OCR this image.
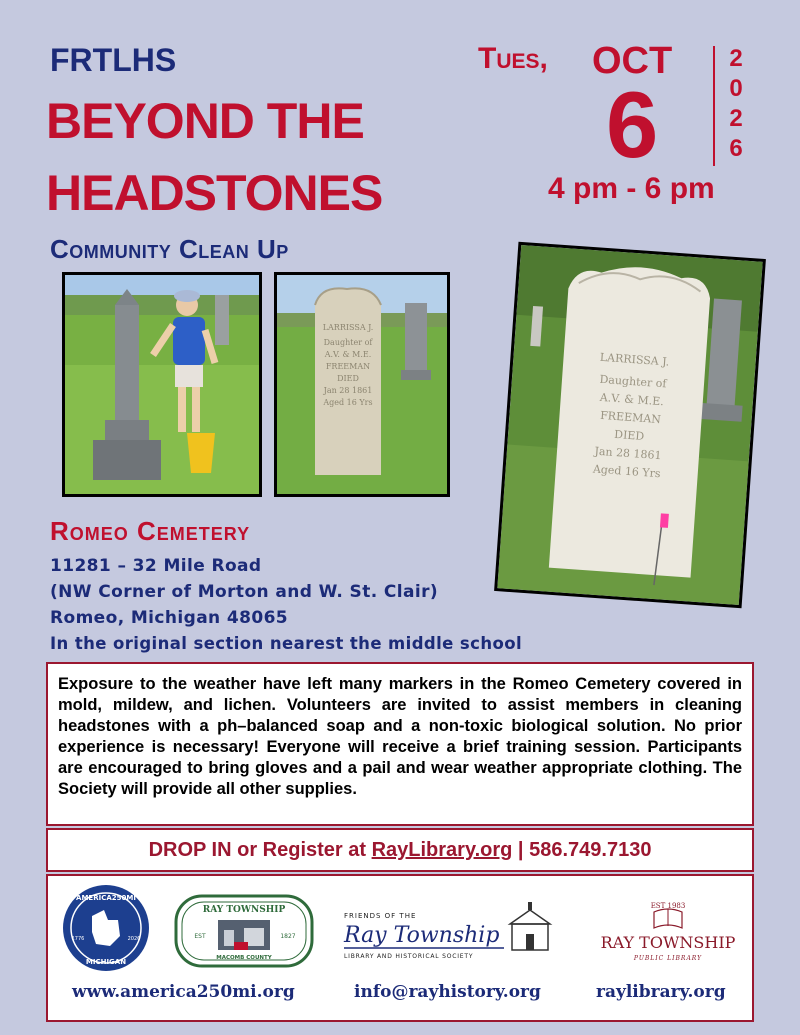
FRTLHS
BEYOND THE
HEADSTONES
Community Clean Up
Tues, OCT
6
4 pm - 6 pm
2
0
2
6
LARRISSA J.
Daughter of
A.V. & M.E.
FREEMAN
DIED
Jan 28 1861
Aged 16 Yrs
LARRISSA J.
Daughter of
A.V. & M.E.
FREEMAN
DIED
Jan 28 1861
Aged 16 Yrs
Romeo Cemetery
11281 – 32 Mile Road
(NW Corner of Morton and W. St. Clair)
Romeo, Michigan 48065
In the original section nearest the middle school

Exposure to the weather have left many markers in the Romeo Cemetery covered in mold, mildew, and lichen. Volunteers are invited to assist members in cleaning headstones with a ph–balanced soap and a non-toxic biological solution. No prior experience is necessary! Everyone will receive a brief training session. Participants are encouraged to bring gloves and a pail and wear weather appropriate clothing. The Society will provide all other supplies.

DROP IN or Register at RayLibrary.org | 586.749.7130
AMERICA250MI
MICHIGAN
1776	2026
RAY TOWNSHIP
EST	1827
MACOMB COUNTY
FRIENDS OF THE
Ray Township
LIBRARY AND HISTORICAL SOCIETY
EST 1983
RAY TOWNSHIP
PUBLIC LIBRARY
www.america250mi.org	info@rayhistory.org	raylibrary.org
